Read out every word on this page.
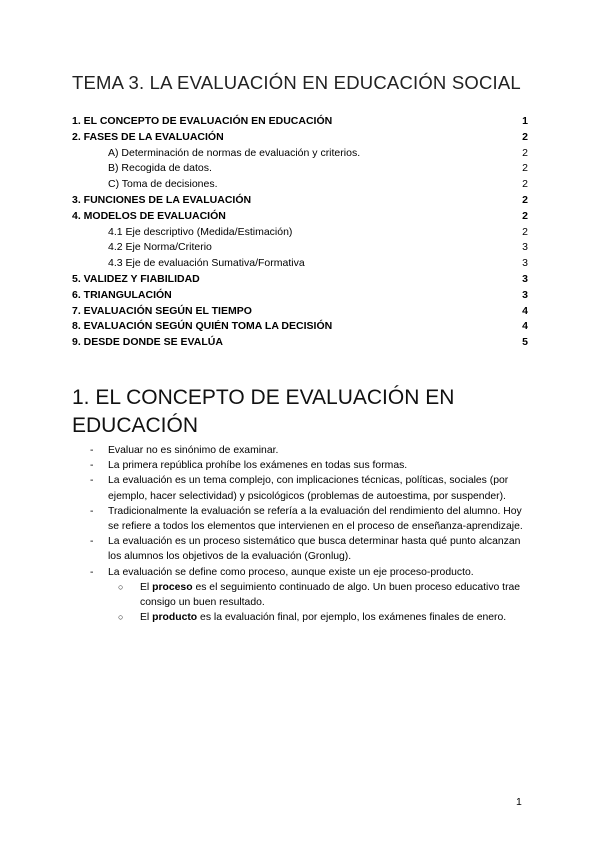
TEMA 3. LA EVALUACIÓN EN EDUCACIÓN SOCIAL
1. EL CONCEPTO DE EVALUACIÓN EN EDUCACIÓN	1
2. FASES DE LA EVALUACIÓN	2
A) Determinación de normas de evaluación y criterios.	2
B) Recogida de datos.	2
C) Toma de decisiones.	2
3. FUNCIONES DE LA EVALUACIÓN	2
4. MODELOS DE EVALUACIÓN	2
4.1 Eje descriptivo (Medida/Estimación)	2
4.2 Eje Norma/Criterio	3
4.3 Eje de evaluación Sumativa/Formativa	3
5. VALIDEZ Y FIABILIDAD	3
6. TRIANGULACIÓN	3
7. EVALUACIÓN SEGÚN EL TIEMPO	4
8. EVALUACIÓN SEGÚN QUIÉN TOMA LA DECISIÓN	4
9. DESDE DONDE SE EVALÚA	5
1. EL CONCEPTO DE EVALUACIÓN EN EDUCACIÓN
- Evaluar no es sinónimo de examinar.
- La primera república prohíbe los exámenes en todas sus formas.
- La evaluación es un tema complejo, con implicaciones técnicas, políticas, sociales (por ejemplo, hacer selectividad) y psicológicos (problemas de autoestima, por suspender).
- Tradicionalmente la evaluación se refería a la evaluación del rendimiento del alumno. Hoy se refiere a todos los elementos que intervienen en el proceso de enseñanza-aprendizaje.
- La evaluación es un proceso sistemático que busca determinar hasta qué punto alcanzan los alumnos los objetivos de la evaluación (Gronlug).
- La evaluación se define como proceso, aunque existe un eje proceso-producto.
○ El proceso es el seguimiento continuado de algo. Un buen proceso educativo trae consigo un buen resultado.
○ El producto es la evaluación final, por ejemplo, los exámenes finales de enero.
1
